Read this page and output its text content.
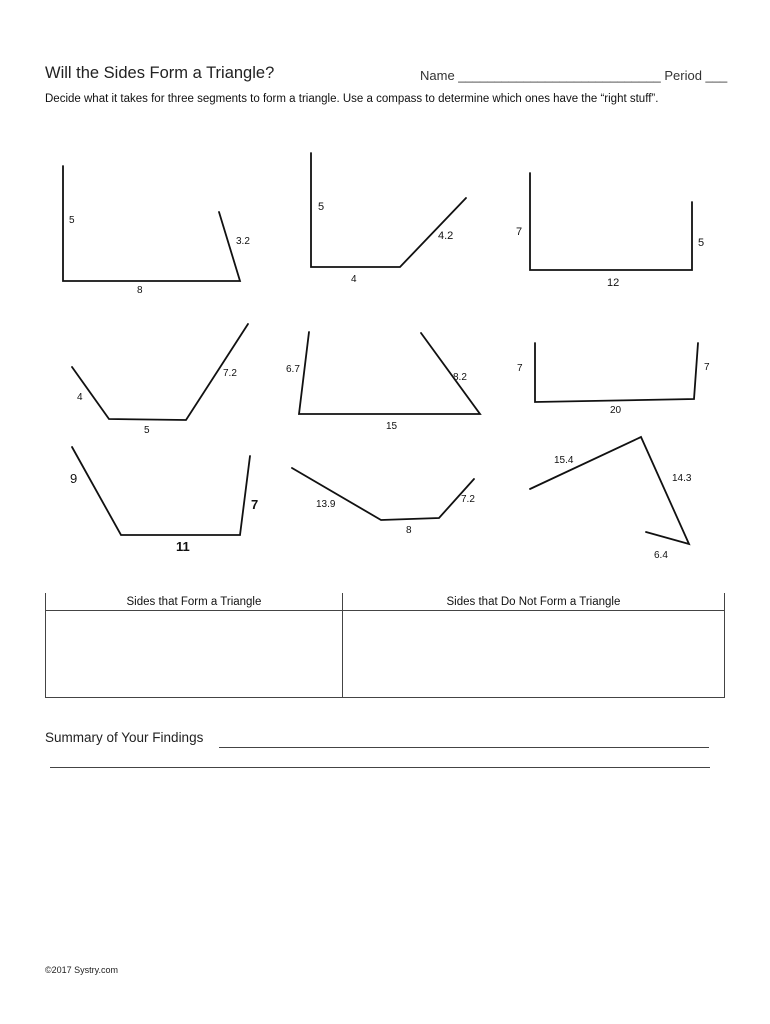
Will the Sides Form a Triangle?	Name ____________________________ Period ___
Decide what it takes for three segments to form a triangle. Use a compass to determine which ones have the “right stuff”.
5
8
3.2
5
4
4.2	7
12
5
4
5
7.2	6.7
15
8.2
7
20
7
9
11
7	13.9
8
7.2
15.4
14.3
6.4
Sides that Form a Triangle	Sides that Do Not Form a Triangle

Summary of Your Findings
©2017 Systry.com
